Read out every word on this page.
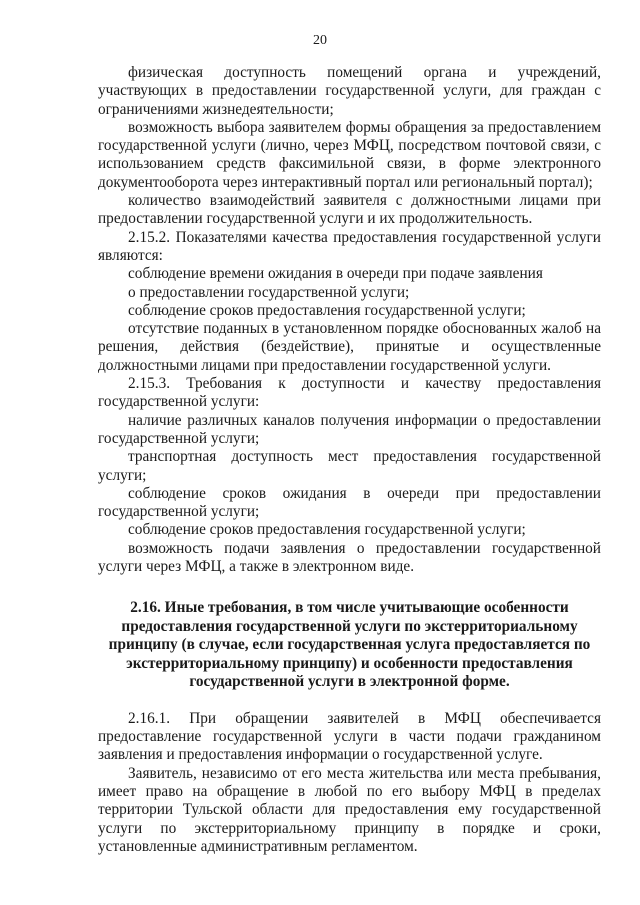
20

физическая доступность помещений органа и учреждений, участвующих в предоставлении государственной услуги, для граждан с ограничениями жизнедеятельности;

возможность выбора заявителем формы обращения за предоставлением государственной услуги (лично, через МФЦ, посредством почтовой связи, с использованием средств факсимильной связи, в форме электронного документооборота через интерактивный портал или региональный портал);

количество взаимодействий заявителя с должностными лицами при предоставлении государственной услуги и их продолжительность.

2.15.2. Показателями качества предоставления государственной услуги являются:

соблюдение времени ожидания в очереди при подаче заявления

о предоставлении государственной услуги;

соблюдение сроков предоставления государственной услуги;

отсутствие поданных в установленном порядке обоснованных жалоб на решения, действия (бездействие), принятые и осуществленные должностными лицами при предоставлении государственной услуги.

2.15.3. Требования к доступности и качеству предоставления государственной услуги:

наличие различных каналов получения информации о предоставлении государственной услуги;

транспортная доступность мест предоставления государственной услуги;

соблюдение сроков ожидания в очереди при предоставлении государственной услуги;

соблюдение сроков предоставления государственной услуги;

возможность подачи заявления о предоставлении государственной услуги через МФЦ, а также в электронном виде.

2.16. Иные требования, в том числе учитывающие особенности предоставления государственной услуги по экстерриториальному принципу (в случае, если государственная услуга предоставляется по экстерриториальному принципу) и особенности предоставления государственной услуги в электронной форме.

2.16.1. При обращении заявителей в МФЦ обеспечивается предоставление государственной услуги в части подачи гражданином заявления и предоставления информации о государственной услуге.

Заявитель, независимо от его места жительства или места пребывания, имеет право на обращение в любой по его выбору МФЦ в пределах территории Тульской области для предоставления ему государственной услуги по экстерриториальному принципу в порядке и сроки, установленные административным регламентом.
